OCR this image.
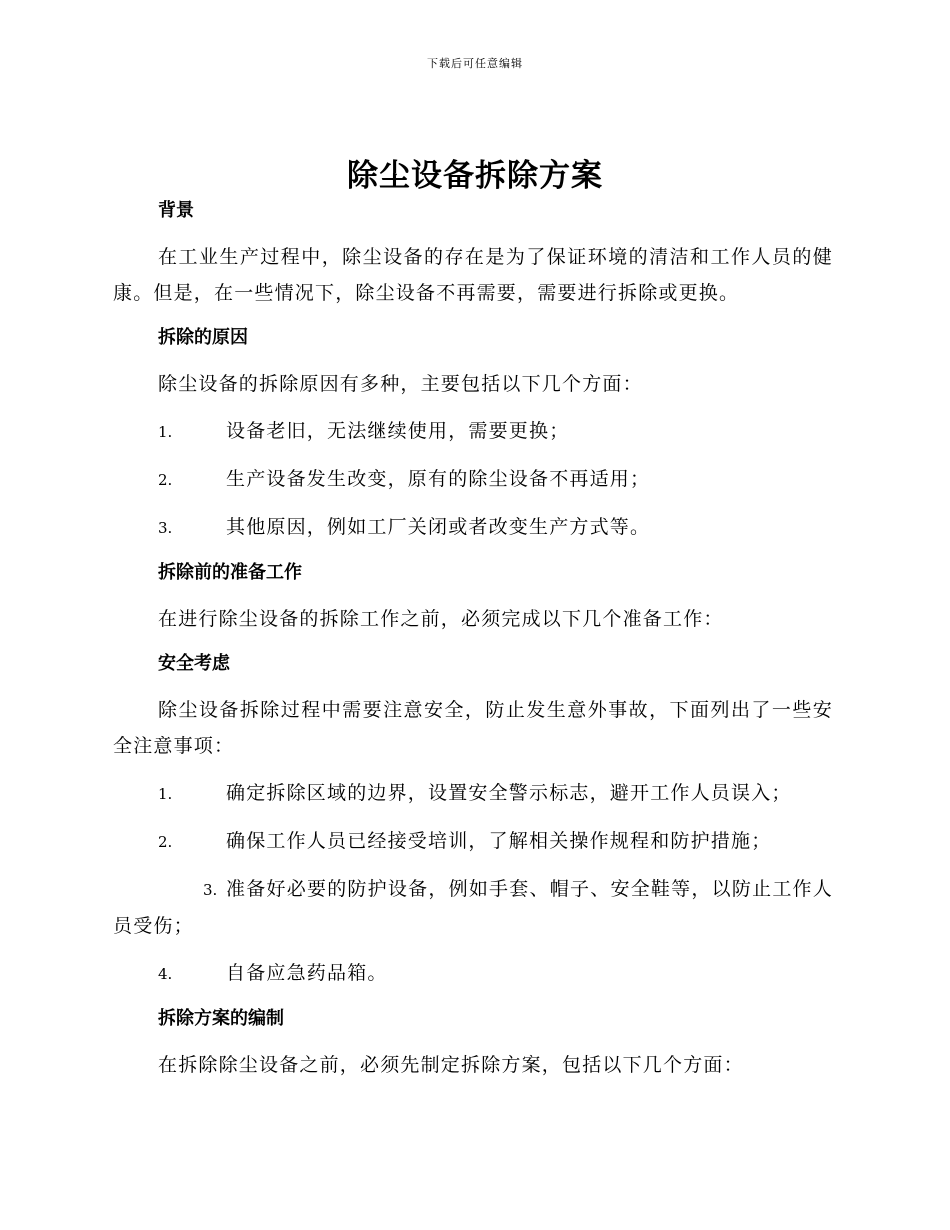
下载后可任意编辑
除尘设备拆除方案
背景

在工业生产过程中，除尘设备的存在是为了保证环境的清洁和工作人员的健康。但是，在一些情况下，除尘设备不再需要，需要进行拆除或更换。

拆除的原因

除尘设备的拆除原因有多种，主要包括以下几个方面：

1.	设备老旧，无法继续使用，需要更换；

2.	生产设备发生改变，原有的除尘设备不再适用；

3.	其他原因，例如工厂关闭或者改变生产方式等。

拆除前的准备工作

在进行除尘设备的拆除工作之前，必须完成以下几个准备工作：

安全考虑

除尘设备拆除过程中需要注意安全，防止发生意外事故，下面列出了一些安全注意事项：

1.	确定拆除区域的边界，设置安全警示标志，避开工作人员误入；

2.	确保工作人员已经接受培训，了解相关操作规程和防护措施；

3. 准备好必要的防护设备，例如手套、帽子、安全鞋等，以防止工作人员受伤；

4.	自备应急药品箱。

拆除方案的编制

在拆除除尘设备之前，必须先制定拆除方案，包括以下几个方面：
